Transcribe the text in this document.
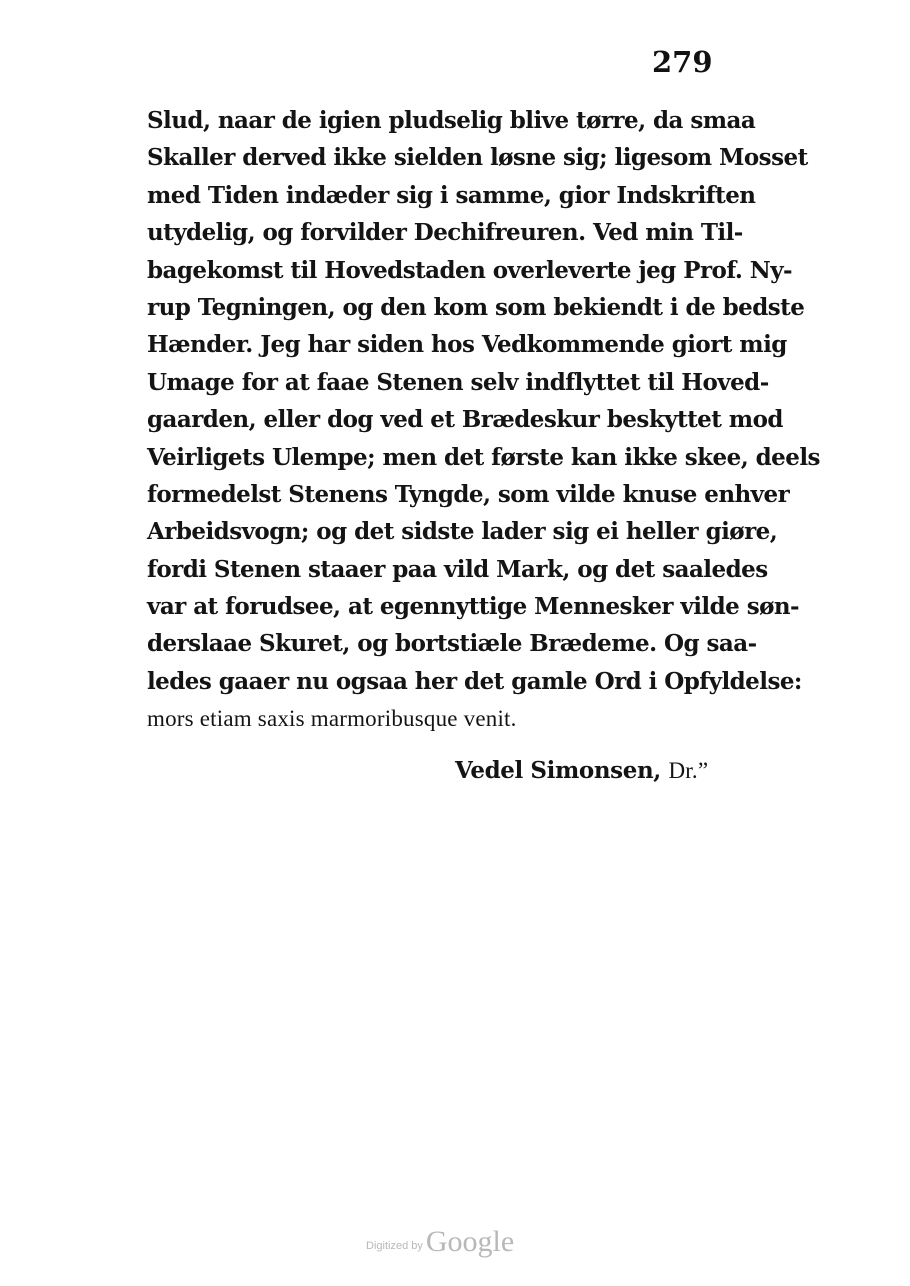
279
Slud, naar de igien pludselig blive tørre, da smaa
Skaller derved ikke sielden løsne sig; ligesom Mosset
med Tiden indæder sig i samme, gior Indskriften
utydelig, og forvilder Dechifreuren. Ved min Til-
bagekomst til Hovedstaden overleverte jeg Prof. Ny-
rup Tegningen, og den kom som bekiendt i de bedste
Hænder. Jeg har siden hos Vedkommende giort mig
Umage for at faae Stenen selv indflyttet til Hoved-
gaarden, eller dog ved et Brædeskur beskyttet mod
Veirligets Ulempe; men det første kan ikke skee, deels
formedelst Stenens Tyngde, som vilde knuse enhver
Arbeidsvogn; og det sidste lader sig ei heller giøre,
fordi Stenen staaer paa vild Mark, og det saaledes
var at forudsee, at egennyttige Mennesker vilde søn-
derslaae Skuret, og bortstiæle Brædeme. Og saa-
ledes gaaer nu ogsaa her det gamle Ord i Opfyldelse:
mors etiam saxis marmoribusque venit.
Vedel Simonsen, Dr.”
Digitized by Google
